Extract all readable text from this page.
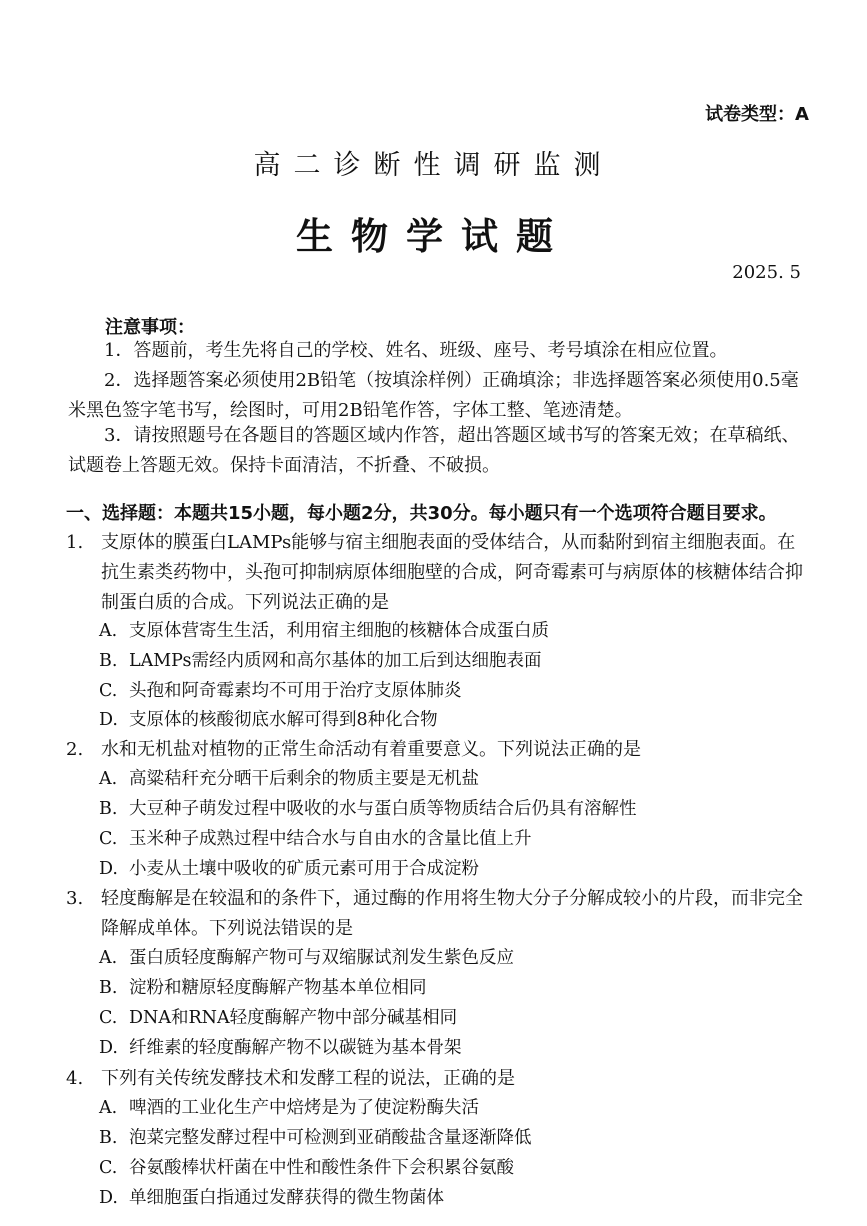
试卷类型：A
高二诊断性调研监测
生物学试题
2025. 5
注意事项：
1．答题前，考生先将自己的学校、姓名、班级、座号、考号填涂在相应位置。
2．选择题答案必须使用2B铅笔（按填涂样例）正确填涂；非选择题答案必须使用0.5毫米黑色签字笔书写，绘图时，可用2B铅笔作答，字体工整、笔迹清楚。
3．请按照题号在各题目的答题区域内作答，超出答题区域书写的答案无效；在草稿纸、试题卷上答题无效。保持卡面清洁，不折叠、不破损。
一、选择题：本题共15小题，每小题2分，共30分。每小题只有一个选项符合题目要求。
1. 支原体的膜蛋白LAMPs能够与宿主细胞表面的受体结合，从而黏附到宿主细胞表面。在抗生素类药物中，头孢可抑制病原体细胞壁的合成，阿奇霉素可与病原体的核糖体结合抑制蛋白质的合成。下列说法正确的是
A. 支原体营寄生生活，利用宿主细胞的核糖体合成蛋白质
B. LAMPs需经内质网和高尔基体的加工后到达细胞表面
C. 头孢和阿奇霉素均不可用于治疗支原体肺炎
D. 支原体的核酸彻底水解可得到8种化合物
2. 水和无机盐对植物的正常生命活动有着重要意义。下列说法正确的是
A. 高粱秸秆充分晒干后剩余的物质主要是无机盐
B. 大豆种子萌发过程中吸收的水与蛋白质等物质结合后仍具有溶解性
C. 玉米种子成熟过程中结合水与自由水的含量比值上升
D. 小麦从土壤中吸收的矿质元素可用于合成淀粉
3. 轻度酶解是在较温和的条件下，通过酶的作用将生物大分子分解成较小的片段，而非完全降解成单体。下列说法错误的是
A. 蛋白质轻度酶解产物可与双缩脲试剂发生紫色反应
B. 淀粉和糖原轻度酶解产物基本单位相同
C. DNA和RNA轻度酶解产物中部分碱基相同
D. 纤维素的轻度酶解产物不以碳链为基本骨架
4. 下列有关传统发酵技术和发酵工程的说法，正确的是
A. 啤酒的工业化生产中焙烤是为了使淀粉酶失活
B. 泡菜完整发酵过程中可检测到亚硝酸盐含量逐渐降低
C. 谷氨酸棒状杆菌在中性和酸性条件下会积累谷氨酸
D. 单细胞蛋白指通过发酵获得的微生物菌体
